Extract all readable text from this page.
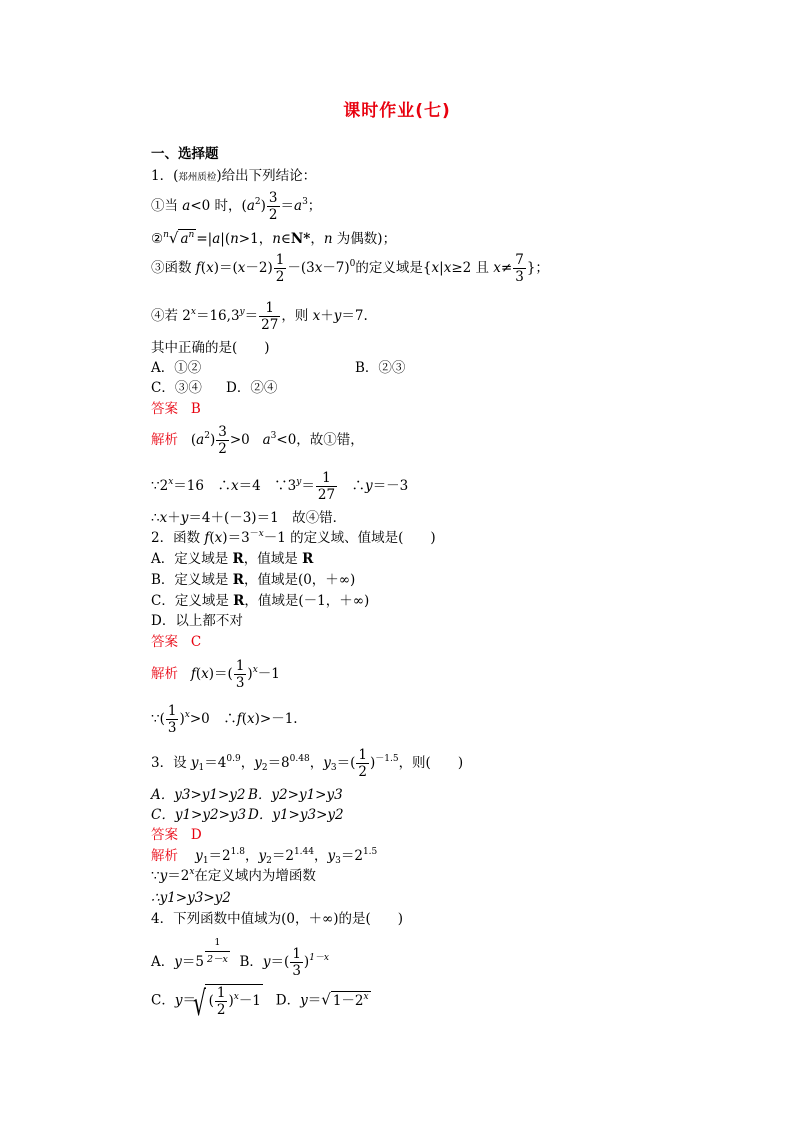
课时作业(七)
一、选择题
1．(郑州质检)给出下列结论：
①当 a<0 时，$(a^2) \frac{3}{2} =a^3$；
②$^n$√ $a^n =|a|(n>1$，n∈N*，n 为偶数)；
③函数 $f(x)=(x-2) \frac{1}{2} -(3x-7)^0$的定义域是{x|x≥2 且 $x\ne \frac{7}{3}$ }；
④若 $2^x=16,3^y= \frac{1}{27}$ ，则 x＋y＝7.
其中正确的是(　　)
A．①②	B．②③
C．③④ D．②④
答案 B
解析 $(a^2) \frac{3}{2} >0$ $a^3<0$，故①错，
$\because 2^x=16$　∴x＝4　$\because 3^y= \frac{1}{27}$ 　∴y＝－3
∴x＋y＝4＋(－3)＝1　故④错．
2．函数 $f(x)=3^{-x}-1$ 的定义域、值域是(　　)
A．定义域是 R，值域是 R
B．定义域是 R，值域是(0，＋∞)
C．定义域是 R，值域是(－1，＋∞)
D．以上都不对
答案 C
解析 $f(x)=( \frac{1}{3} )^x-1$
∵( $\frac{1}{3} )^x>0$　∴f(x)>－1.
3．设 $y_1=4^{0.9}$，$y_2=8^{0.48}$，$y_3=( \frac{1}{2} )^{-1.5}$，则(　　)
A．y3>y1>y2 B．y2>y1>y3
C．y1>y2>y3 D．y1>y3>y2
答案 D
解析 $y_1=2^{1.8}$，$y_2=2^{1.44}$，$y_3=2^{1.5}$
$\because y=2^x$在定义域内为增函数
∴y1>y3>y2
4．下列函数中值域为(0，＋∞)的是(　　)
A．$y=5 \frac{1}{2-x}$ B．$y=( \frac{1}{3} )^{1-x}$
C．y＝
√ ( $\frac{1}{2} )^x-1$ D．y＝√ $1-2^x$
